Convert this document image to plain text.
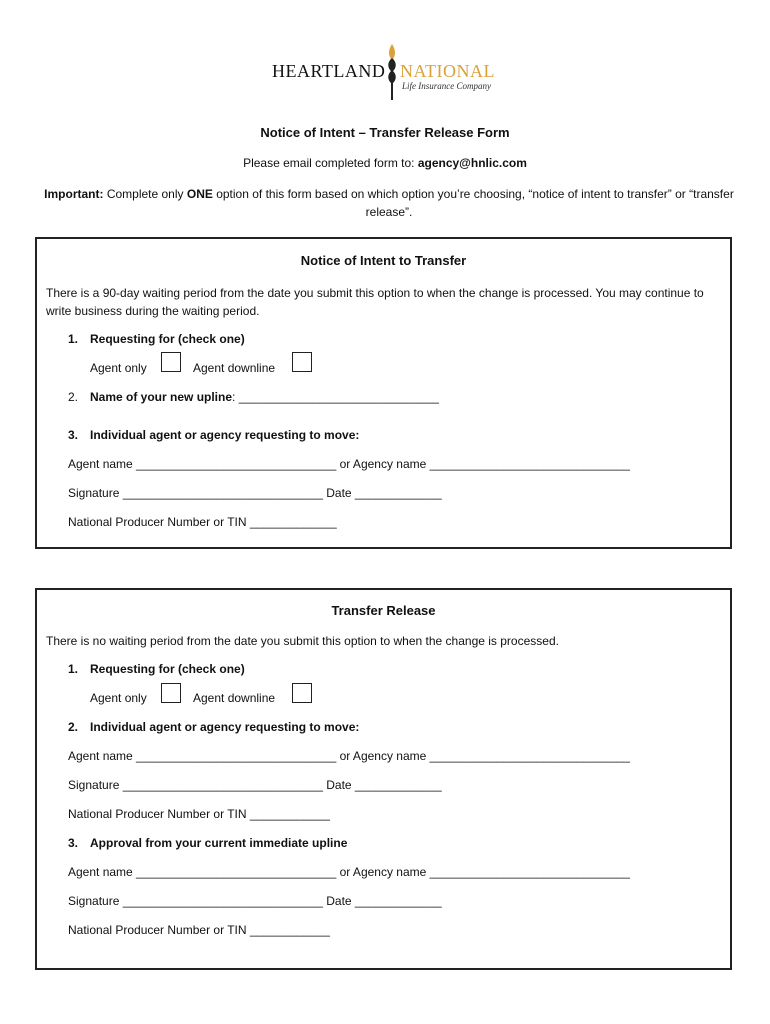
HEARTLAND NATIONAL
Life Insurance Company
Notice of Intent – Transfer Release Form
Please email completed form to: agency@hnlic.com
Important: Complete only ONE option of this form based on which option you’re choosing, “notice of intent to transfer” or “transfer release”.
Notice of Intent to Transfer
There is a 90-day waiting period from the date you submit this option to when the change is processed. You may continue to write business during the waiting period.
1. Requesting for (check one)
Agent only	Agent downline
2. Name of your new upline: ______________________________
3. Individual agent or agency requesting to move:
Agent name ______________________________ or Agency name ______________________________
Signature ______________________________ Date _____________
National Producer Number or TIN _____________
Transfer Release
There is no waiting period from the date you submit this option to when the change is processed.
1. Requesting for (check one)
Agent only	Agent downline
2. Individual agent or agency requesting to move:
Agent name ______________________________ or Agency name ______________________________
Signature ______________________________ Date _____________
National Producer Number or TIN ____________
3. Approval from your current immediate upline
Agent name ______________________________ or Agency name ______________________________
Signature ______________________________ Date _____________
National Producer Number or TIN ____________
